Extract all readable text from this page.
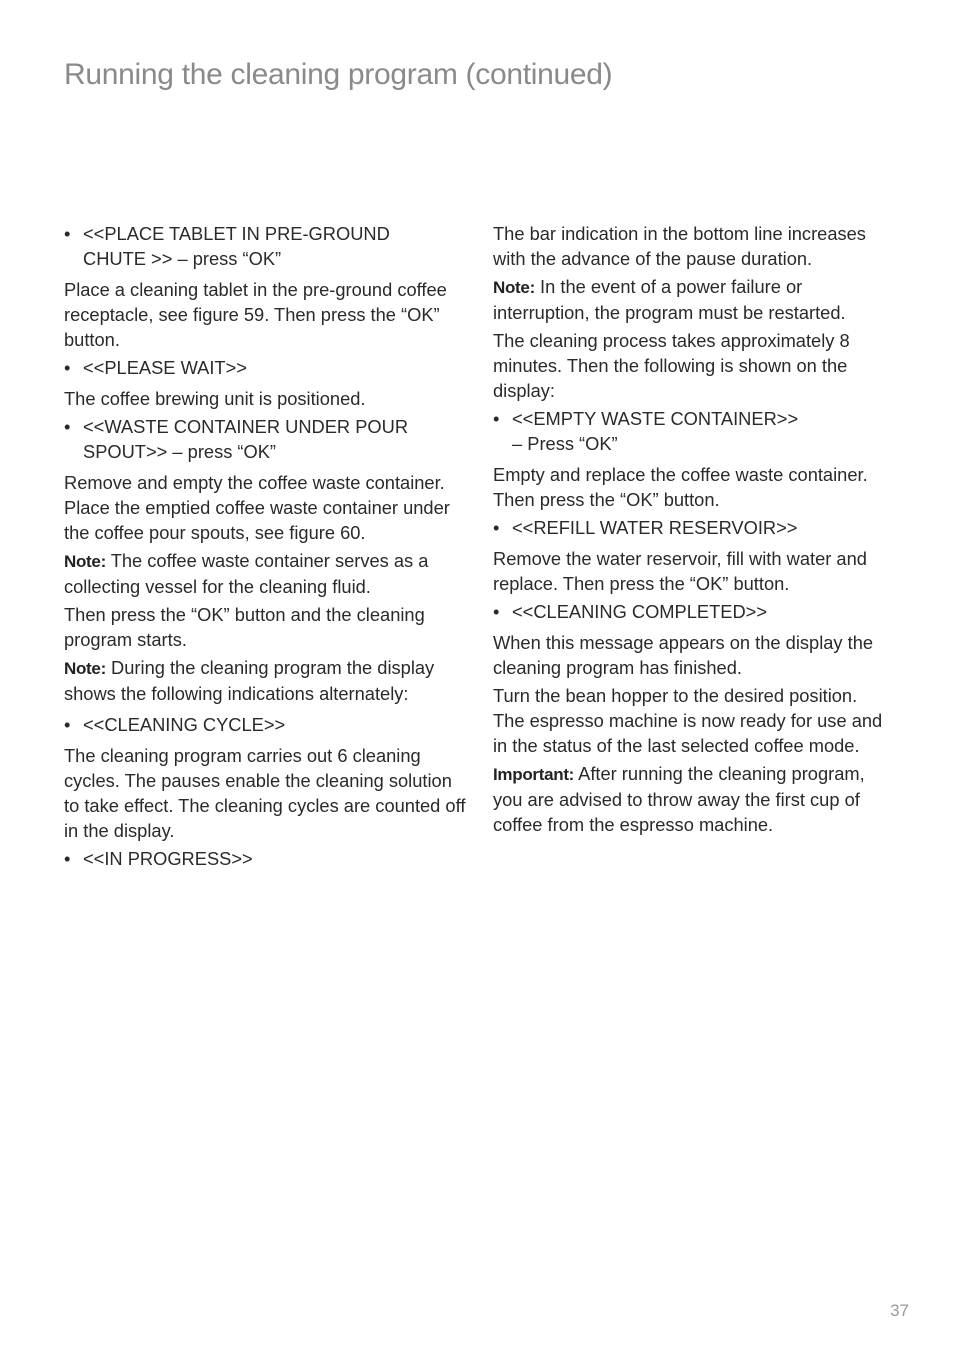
Running the cleaning program (continued)
• <<PLACE TABLET IN PRE-GROUND
CHUTE >> – press “OK”

Place a cleaning tablet in the pre-ground coffee receptacle, see figure 59. Then press the “OK” button.

• <<PLEASE WAIT>>

The coffee brewing unit is positioned.

• <<WASTE CONTAINER UNDER POUR
SPOUT>> – press “OK”

Remove and empty the coffee waste container. Place the emptied coffee waste container under the coffee pour spouts, see figure 60.

Note: The coffee waste container serves as a collecting vessel for the cleaning fluid.

Then press the “OK” button and the cleaning program starts.

Note: During the cleaning program the display shows the following indications alternately:

• <<CLEANING CYCLE>>

The cleaning program carries out 6 cleaning cycles. The pauses enable the cleaning solution to take effect. The cleaning cycles are counted off in the display.

• <<IN PROGRESS>>

The bar indication in the bottom line increases with the advance of the pause duration.

Note: In the event of a power failure or interruption, the program must be restarted.

The cleaning process takes approximately 8 minutes. Then the following is shown on the display:

• <<EMPTY WASTE CONTAINER>>
– Press “OK”

Empty and replace the coffee waste container. Then press the “OK” button.

• <<REFILL WATER RESERVOIR>>

Remove the water reservoir, fill with water and replace. Then press the “OK” button.

• <<CLEANING COMPLETED>>

When this message appears on the display the cleaning program has finished.

Turn the bean hopper to the desired position. The espresso machine is now ready for use and in the status of the last selected coffee mode.

Important: After running the cleaning program, you are advised to throw away the first cup of coffee from the espresso machine.

37
